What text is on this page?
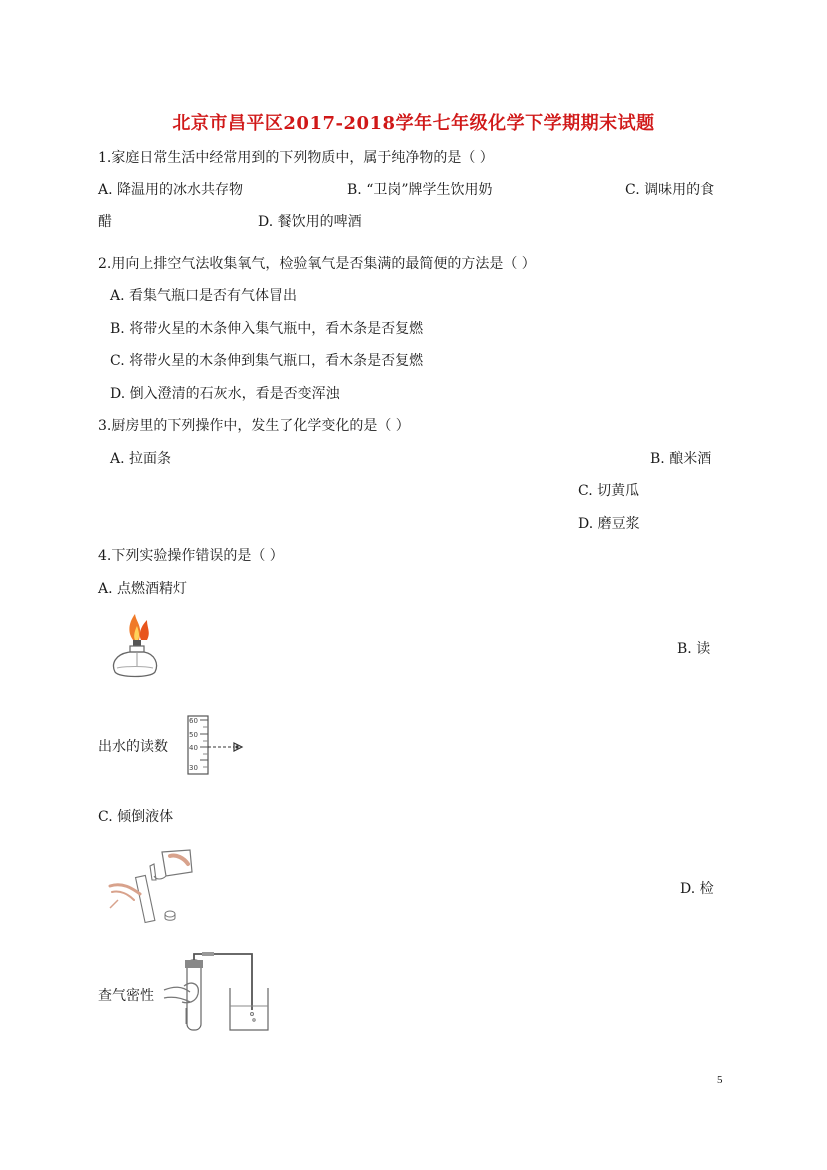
北京市昌平区2017-2018学年七年级化学下学期期末试题
1.家庭日常生活中经常用到的下列物质中，属于纯净物的是（ ）
A. 降温用的冰水共存物	B. “卫岗”牌学生饮用奶	C. 调味用的食
醋	D. 餐饮用的啤酒
2.用向上排空气法收集氧气，检验氧气是否集满的最简便的方法是（ ）
A. 看集气瓶口是否有气体冒出
B. 将带火星的木条伸入集气瓶中，看木条是否复燃
C. 将带火星的木条伸到集气瓶口，看木条是否复燃
D. 倒入澄清的石灰水，看是否变浑浊
3.厨房里的下列操作中，发生了化学变化的是（ ）
A. 拉面条	B. 酿米酒
C. 切黄瓜
D. 磨豆浆
4.下列实验操作错误的是（ ）
A. 点燃酒精灯
B. 读
出水的读数
60
50
40
30
C. 倾倒液体
D. 检
查气密性
5
